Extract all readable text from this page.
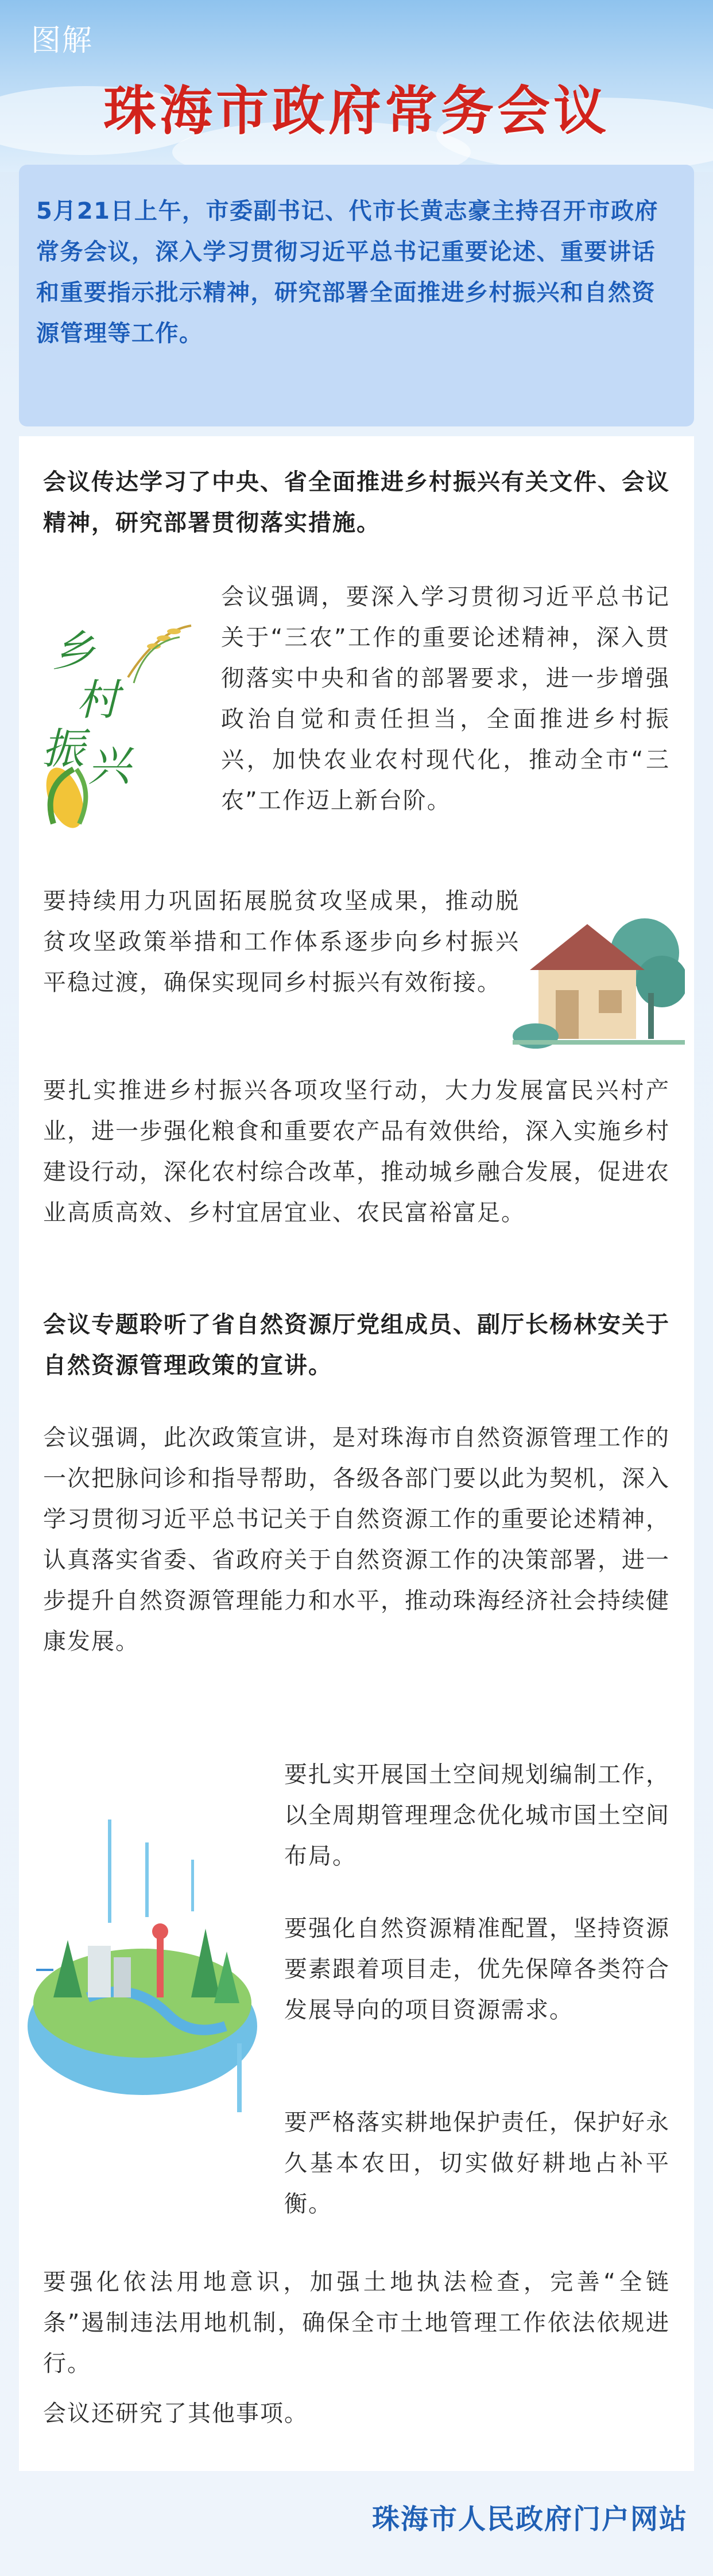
图解
珠海市政府常务会议

5月21日上午，市委副书记、代市长黄志豪主持召开市政府常务会议，深入学习贯彻习近平总书记重要论述、重要讲话和重要指示批示精神，研究部署全面推进乡村振兴和自然资源管理等工作。

会议传达学习了中央、省全面推进乡村振兴有关文件、会议精神，研究部署贯彻落实措施。

乡
村
振 兴

会议强调，要深入学习贯彻习近平总书记关于“三农”工作的重要论述精神，深入贯彻落实中央和省的部署要求，进一步增强政治自觉和责任担当，全面推进乡村振兴，加快农业农村现代化，推动全市“三农”工作迈上新台阶。

要持续用力巩固拓展脱贫攻坚成果，推动脱贫攻坚政策举措和工作体系逐步向乡村振兴平稳过渡，确保实现同乡村振兴有效衔接。

要扎实推进乡村振兴各项攻坚行动，大力发展富民兴村产业，进一步强化粮食和重要农产品有效供给，深入实施乡村建设行动，深化农村综合改革，推动城乡融合发展，促进农业高质高效、乡村宜居宜业、农民富裕富足。

会议专题聆听了省自然资源厅党组成员、副厅长杨林安关于自然资源管理政策的宣讲。

会议强调，此次政策宣讲，是对珠海市自然资源管理工作的一次把脉问诊和指导帮助，各级各部门要以此为契机，深入学习贯彻习近平总书记关于自然资源工作的重要论述精神，认真落实省委、省政府关于自然资源工作的决策部署，进一步提升自然资源管理能力和水平，推动珠海经济社会持续健康发展。

要扎实开展国土空间规划编制工作，以全周期管理理念优化城市国土空间布局。

要强化自然资源精准配置，坚持资源要素跟着项目走，优先保障各类符合发展导向的项目资源需求。

要严格落实耕地保护责任，保护好永久基本农田，切实做好耕地占补平衡。

要强化依法用地意识，加强土地执法检查，完善“全链条”遏制违法用地机制，确保全市土地管理工作依法依规进行。

会议还研究了其他事项。

珠海市人民政府门户网站
